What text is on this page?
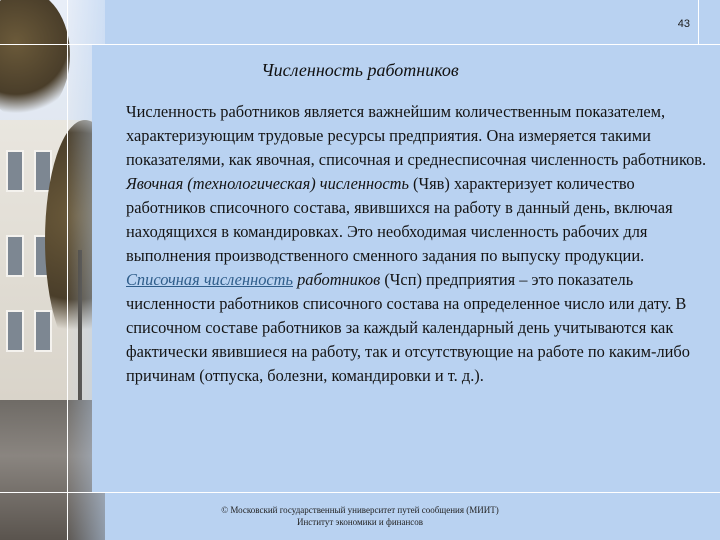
43
Численность работников

Численность работников является важнейшим количественным показателем, характеризующим трудовые ресурсы предприятия. Она измеряется такими показателями, как явочная, списочная и среднесписочная численность работников.

Явочная (технологическая) численность (Чяв) характеризует количество работников списочного состава, явившихся на работу в данный день, включая находящихся в командировках. Это необходимая численность рабочих для выполнения производственного сменного задания по выпуску продукции.

Списочная численность работников (Чсп) предприятия – это показатель численности работников списочного состава на определенное число или дату. В списочном составе работников за каждый календарный день учитываются как фактически явившиеся на работу, так и отсутствующие на работе по каким-либо причинам (отпуска, болезни, командировки и т. д.).

© Московский государственный университет путей сообщения (МИИТ)
Институт экономики и финансов
